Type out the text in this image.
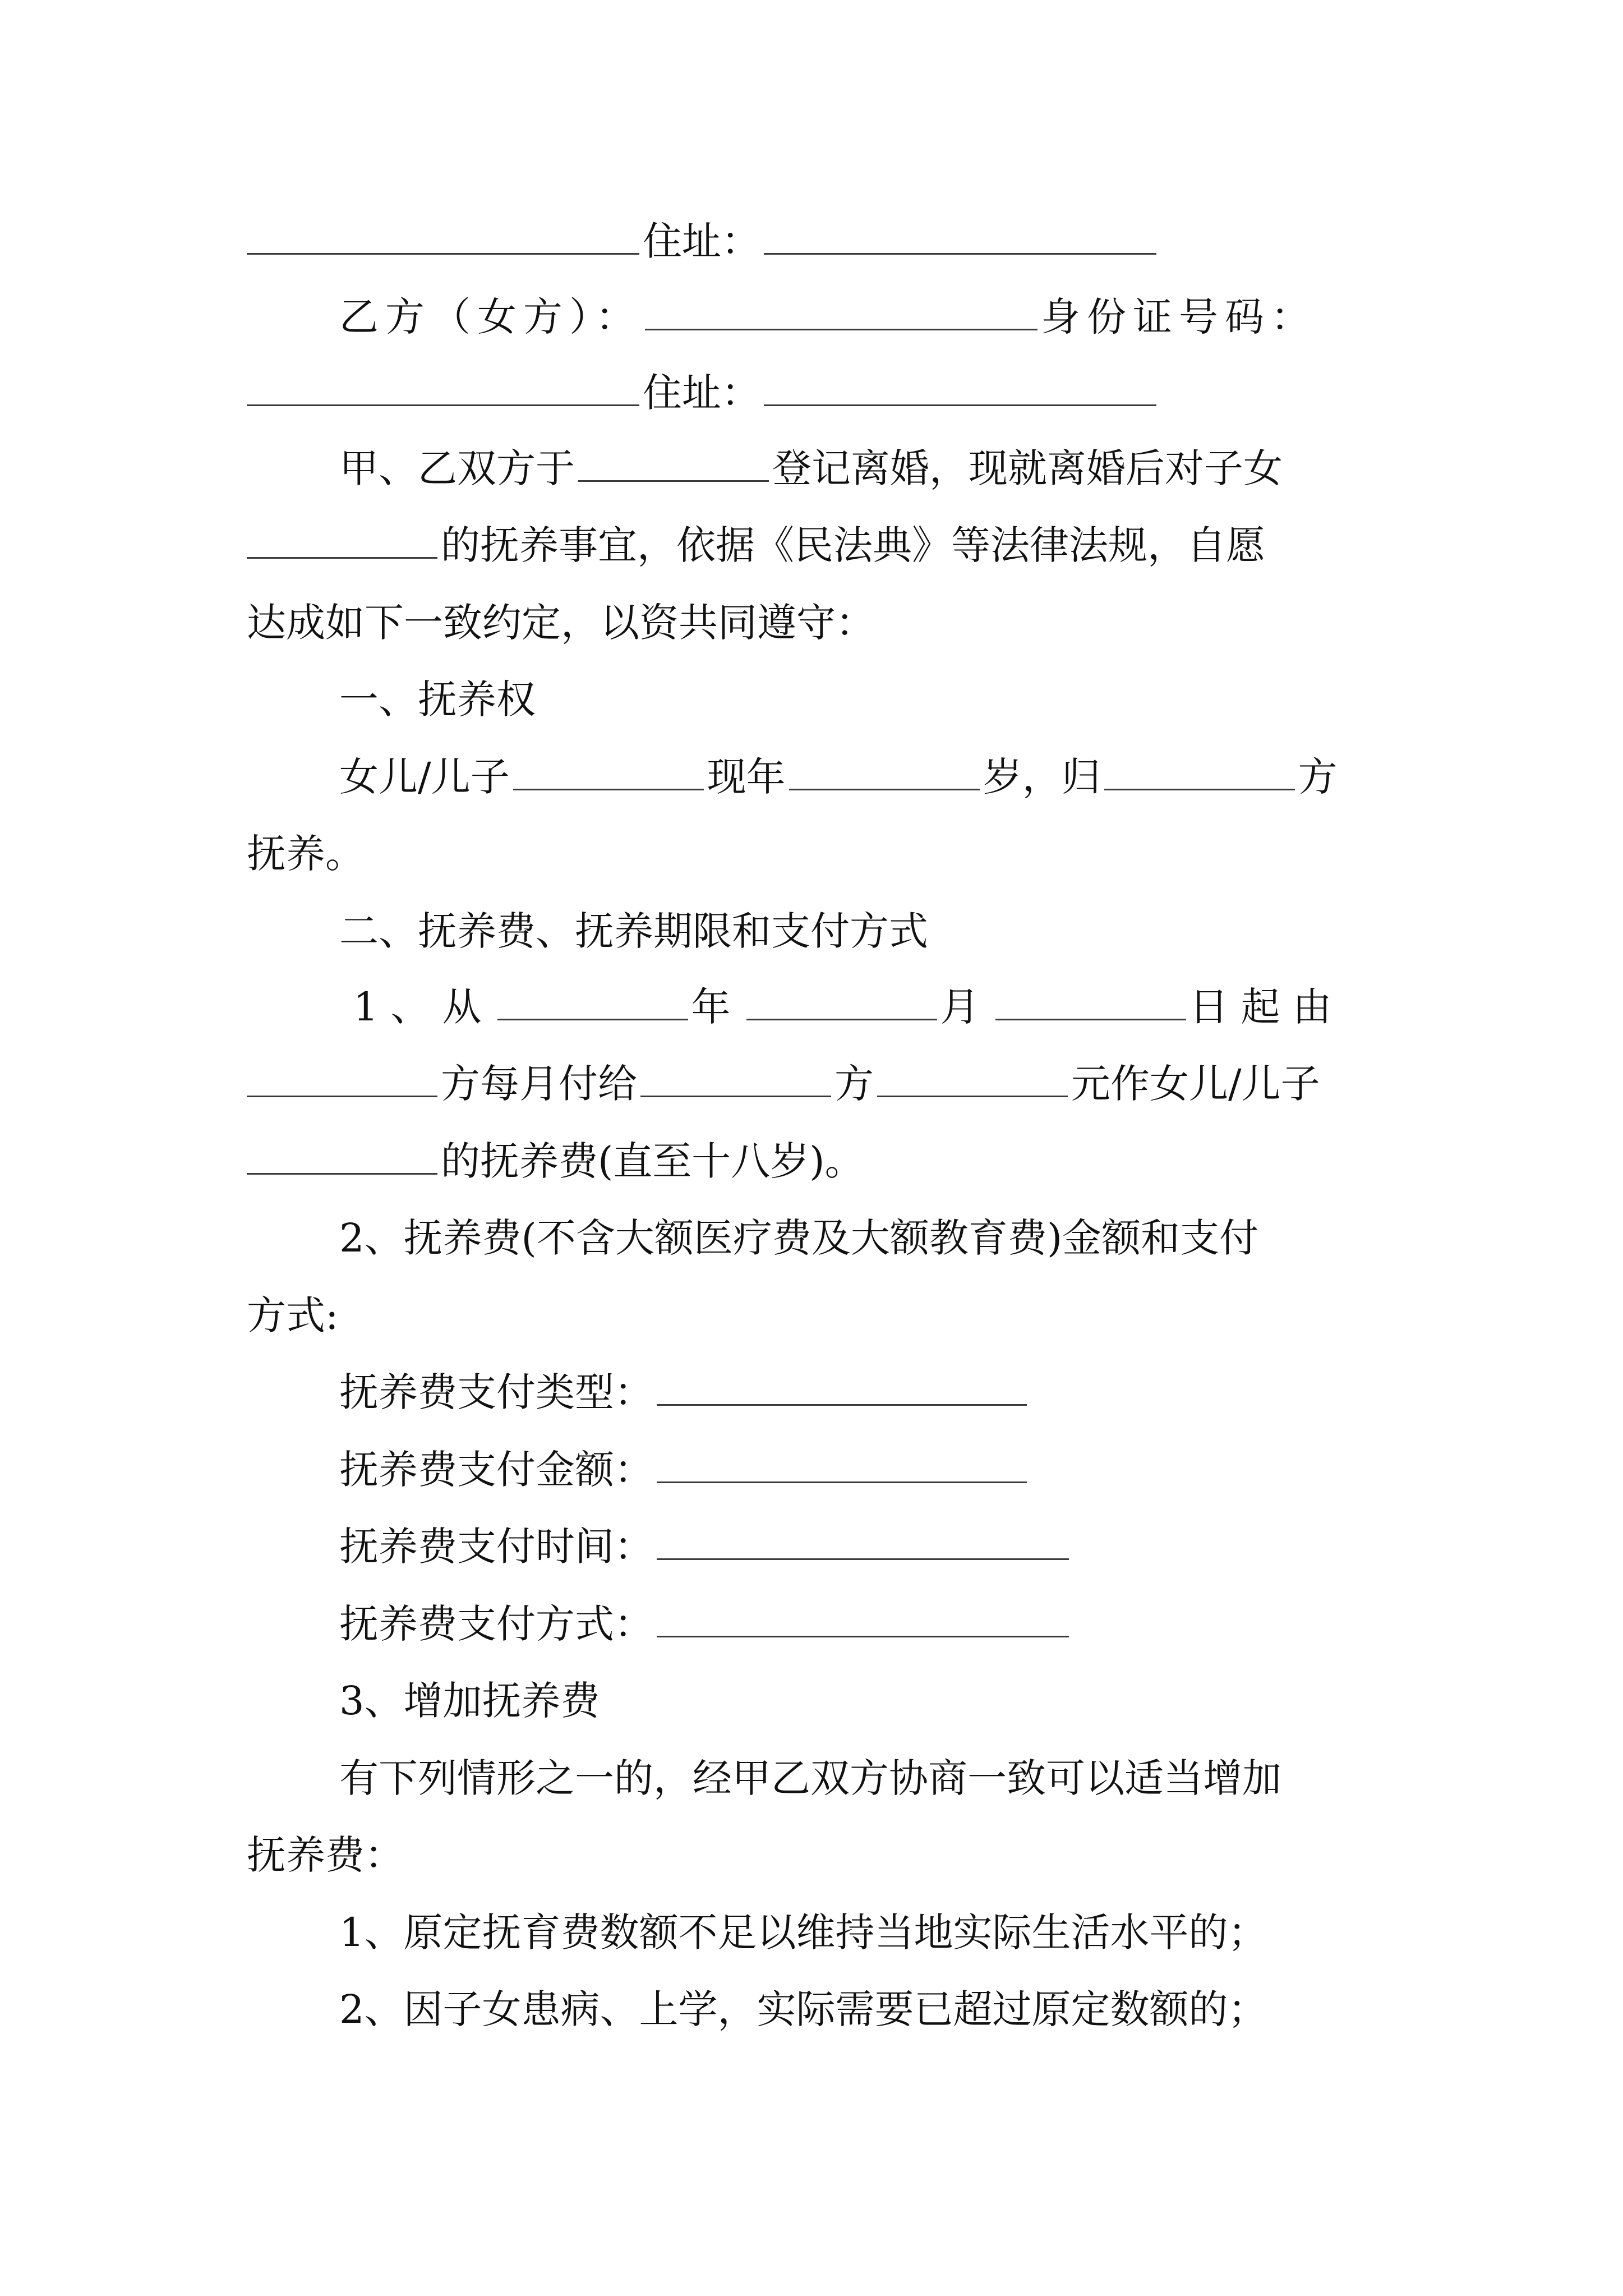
住址：
乙方（女方）：	身份证号码：
住址：
甲、乙双方于	登记离婚，现就离婚后对子女
的抚养事宜，依据《民法典》等法律法规，自愿
达成如下一致约定，以资共同遵守：
一、抚养权
女儿/儿子	现年	岁，归	方
抚养。
二、抚养费、抚养期限和支付方式
1、从	年	月	日起由
方每月付给	方	元作女儿/儿子
的抚养费(直至十八岁)。
2、抚养费(不含大额医疗费及大额教育费)金额和支付
方式:
抚养费支付类型：
抚养费支付金额：
抚养费支付时间：
抚养费支付方式：
3、增加抚养费
有下列情形之一的，经甲乙双方协商一致可以适当增加
抚养费：
1、原定抚育费数额不足以维持当地实际生活水平的；
2、因子女患病、上学，实际需要已超过原定数额的；
